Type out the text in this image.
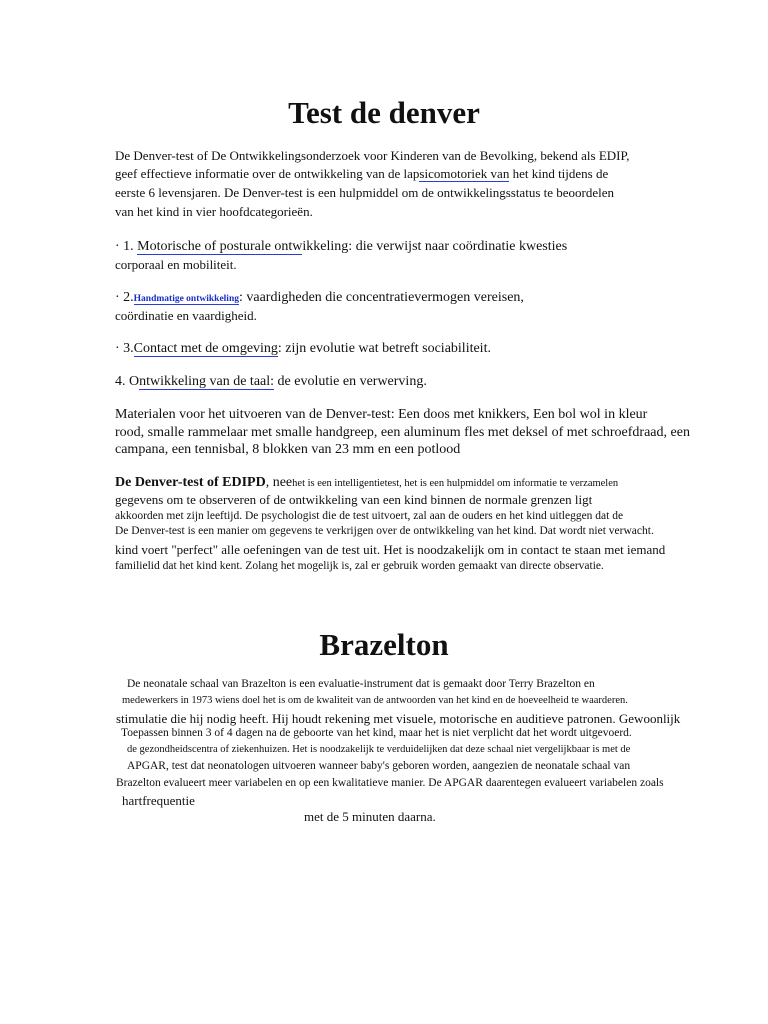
Test de denver

De Denver-test of De Ontwikkelingsonderzoek voor Kinderen van de Bevolking, bekend als EDIP,

geef effectieve informatie over de ontwikkeling van de lapsicomotoriek van het kind tijdens de

eerste 6 levensjaren. De Denver-test is een hulpmiddel om de ontwikkelingsstatus te beoordelen

van het kind in vier hoofdcategorieën.

· 1. Motorische of posturale ontwikkeling: die verwijst naar coördinatie kwesties

corporaal en mobiliteit.

· 2.Handmatige ontwikkeling: vaardigheden die concentratievermogen vereisen,

coördinatie en vaardigheid.

· 3.Contact met de omgeving: zijn evolutie wat betreft sociabiliteit.

4. Ontwikkeling van de taal: de evolutie en verwerving.

Materialen voor het uitvoeren van de Denver-test: Een doos met knikkers, Een bol wol in kleur

rood, smalle rammelaar met smalle handgreep, een aluminum fles met deksel of met schroefdraad, een

campana, een tennisbal, 8 blokken van 23 mm en een potlood

De Denver-test of EDIPD, neehet is een intelligentietest, het is een hulpmiddel om informatie te verzamelen

gegevens om te observeren of de ontwikkeling van een kind binnen de normale grenzen ligt

akkoorden met zijn leeftijd. De psychologist die de test uitvoert, zal aan de ouders en het kind uitleggen dat de

De Denver-test is een manier om gegevens te verkrijgen over de ontwikkeling van het kind. Dat wordt niet verwacht.

kind voert "perfect" alle oefeningen van de test uit. Het is noodzakelijk om in contact te staan met iemand

familielid dat het kind kent. Zolang het mogelijk is, zal er gebruik worden gemaakt van directe observatie.

Brazelton

De neonatale schaal van Brazelton is een evaluatie-instrument dat is gemaakt door Terry Brazelton en

medewerkers in 1973 wiens doel het is om de kwaliteit van de antwoorden van het kind en de hoeveelheid te waarderen.

stimulatie die hij nodig heeft. Hij houdt rekening met visuele, motorische en auditieve patronen. Gewoonlijk

Toepassen binnen 3 of 4 dagen na de geboorte van het kind, maar het is niet verplicht dat het wordt uitgevoerd.

de gezondheidscentra of ziekenhuizen. Het is noodzakelijk te verduidelijken dat deze schaal niet vergelijkbaar is met de

APGAR, test dat neonatologen uitvoeren wanneer baby's geboren worden, aangezien de neonatale schaal van

Brazelton evalueert meer variabelen en op een kwalitatieve manier. De APGAR daarentegen evalueert variabelen zoals

hartfrequentie

met de 5 minuten daarna.
